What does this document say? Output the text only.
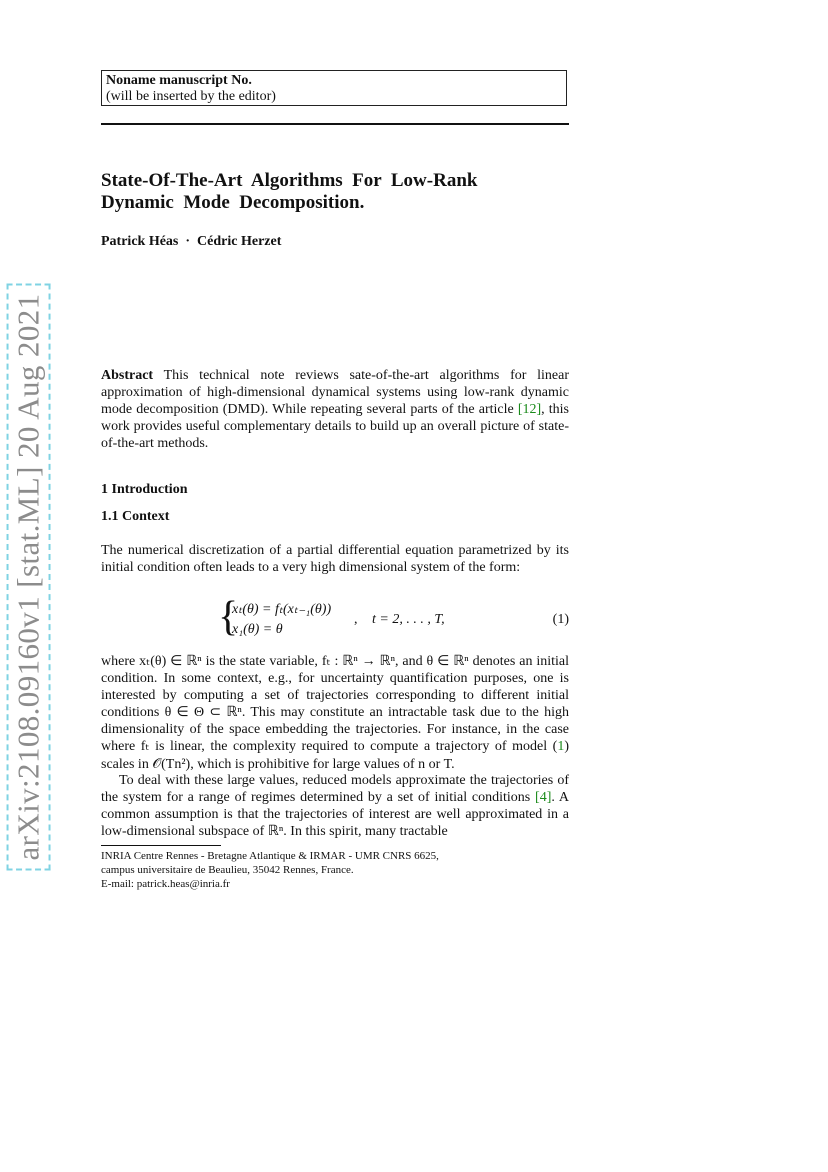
arXiv:2108.09160v1 [stat.ML] 20 Aug 2021
Noname manuscript No.
(will be inserted by the editor)
State-Of-The-Art  Algorithms  For  Low-Rank
Dynamic  Mode  Decomposition.
Patrick Héas  ·  Cédric Herzet

Abstract This technical note reviews sate-of-the-art algorithms for linear approximation of high-dimensional dynamical systems using low-rank dynamic mode decomposition (DMD). While repeating several parts of the article [12], this work provides useful complementary details to build up an overall picture of state-of-the-art methods.

1 Introduction
1.1 Context

The numerical discretization of a partial differential equation parametrized by its initial condition often leads to a very high dimensional system of the form:

{
xₜ(θ) = fₜ(xₜ₋₁(θ))
x₁(θ) = θ
, t = 2, . . . , T,	(1)

where xₜ(θ) ∈ ℝⁿ is the state variable, fₜ : ℝⁿ → ℝⁿ, and θ ∈ ℝⁿ denotes an initial condition. In some context, e.g., for uncertainty quantification purposes, one is interested by computing a set of trajectories corresponding to different initial conditions θ ∈ Θ ⊂ ℝⁿ. This may constitute an intractable task due to the high dimensionality of the space embedding the trajectories. For instance, in the case where fₜ is linear, the complexity required to compute a trajectory of model (1) scales in 𝒪(Tn²), which is prohibitive for large values of n or T.

To deal with these large values, reduced models approximate the trajectories of the system for a range of regimes determined by a set of initial conditions [4]. A common assumption is that the trajectories of interest are well approximated in a low-dimensional subspace of ℝⁿ. In this spirit, many tractable

INRIA Centre Rennes - Bretagne Atlantique & IRMAR - UMR CNRS 6625,
campus universitaire de Beaulieu, 35042 Rennes, France.
E-mail: patrick.heas@inria.fr
